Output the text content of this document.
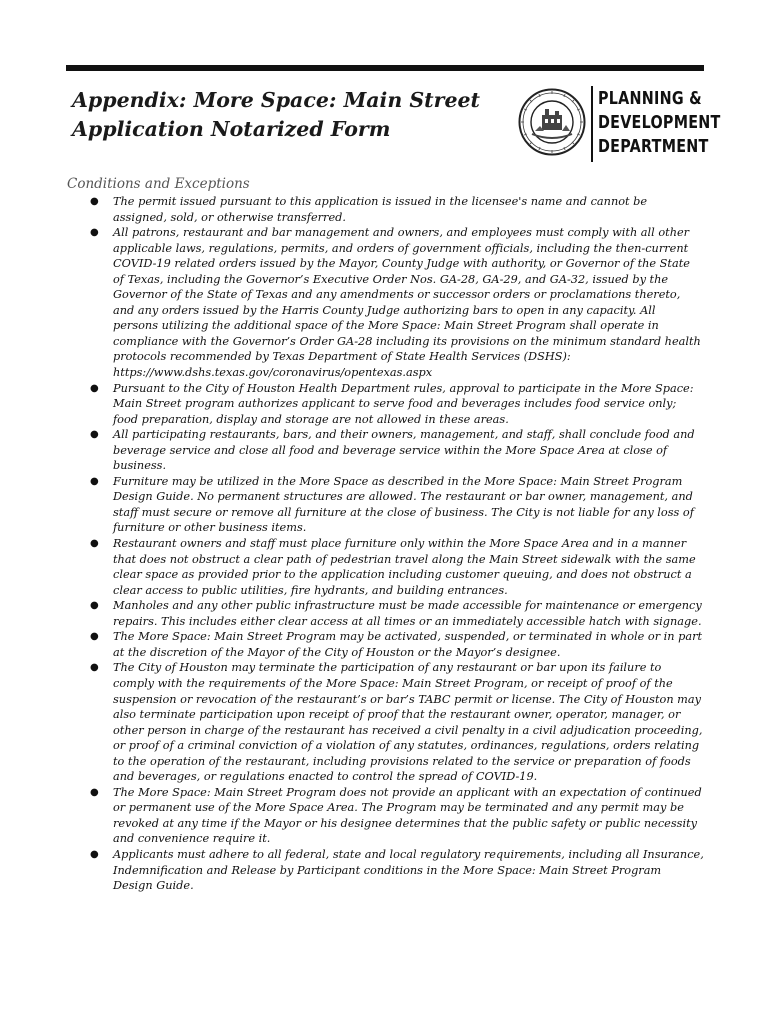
Appendix: More Space: Main Street Application Notarized Form
PLANNING &
DEVELOPMENT
DEPARTMENT
Conditions and Exceptions
● The permit issued pursuant to this application is issued in the licensee's name and cannot be assigned, sold, or otherwise transferred.
● All patrons, restaurant and bar management and owners, and employees must comply with all other applicable laws, regulations, permits, and orders of government officials, including the then-current COVID-19 related orders issued by the Mayor, County Judge with authority, or Governor of the State of Texas, including the Governor’s Executive Order Nos. GA-28, GA-29, and GA-32, issued by the Governor of the State of Texas and any amendments or successor orders or proclamations thereto, and any orders issued by the Harris County Judge authorizing bars to open in any capacity. All persons utilizing the additional space of the More Space: Main Street Program shall operate in compliance with the Governor’s Order GA-28 including its provisions on the minimum standard health protocols recommended by Texas Department of State Health Services (DSHS): https://www.dshs.texas.gov/coronavirus/opentexas.aspx
● Pursuant to the City of Houston Health Department rules, approval to participate in the More Space: Main Street program authorizes applicant to serve food and beverages includes food service only; food preparation, display and storage are not allowed in these areas.
● All participating restaurants, bars, and their owners, management, and staff, shall conclude food and beverage service and close all food and beverage service within the More Space Area at close of business.
● Furniture may be utilized in the More Space as described in the More Space: Main Street Program Design Guide. No permanent structures are allowed. The restaurant or bar owner, management, and staff must secure or remove all furniture at the close of business. The City is not liable for any loss of furniture or other business items.
● Restaurant owners and staff must place furniture only within the More Space Area and in a manner that does not obstruct a clear path of pedestrian travel along the Main Street sidewalk with the same clear space as provided prior to the application including customer queuing, and does not obstruct a clear access to public utilities, fire hydrants, and building entrances.
● Manholes and any other public infrastructure must be made accessible for maintenance or emergency repairs. This includes either clear access at all times or an immediately accessible hatch with signage.
● The More Space: Main Street Program may be activated, suspended, or terminated in whole or in part at the discretion of the Mayor of the City of Houston or the Mayor’s designee.
● The City of Houston may terminate the participation of any restaurant or bar upon its failure to comply with the requirements of the More Space: Main Street Program, or receipt of proof of the suspension or revocation of the restaurant’s or bar’s TABC permit or license. The City of Houston may also terminate participation upon receipt of proof that the restaurant owner, operator, manager, or other person in charge of the restaurant has received a civil penalty in a civil adjudication proceeding, or proof of a criminal conviction of a violation of any statutes, ordinances, regulations, orders relating to the operation of the restaurant, including provisions related to the service or preparation of foods and beverages, or regulations enacted to control the spread of COVID-19.
● The More Space: Main Street Program does not provide an applicant with an expectation of continued or permanent use of the More Space Area. The Program may be terminated and any permit may be revoked at any time if the Mayor or his designee determines that the public safety or public necessity and convenience require it.
● Applicants must adhere to all federal, state and local regulatory requirements, including all Insurance, Indemnification and Release by Participant conditions in the More Space: Main Street Program Design Guide.
